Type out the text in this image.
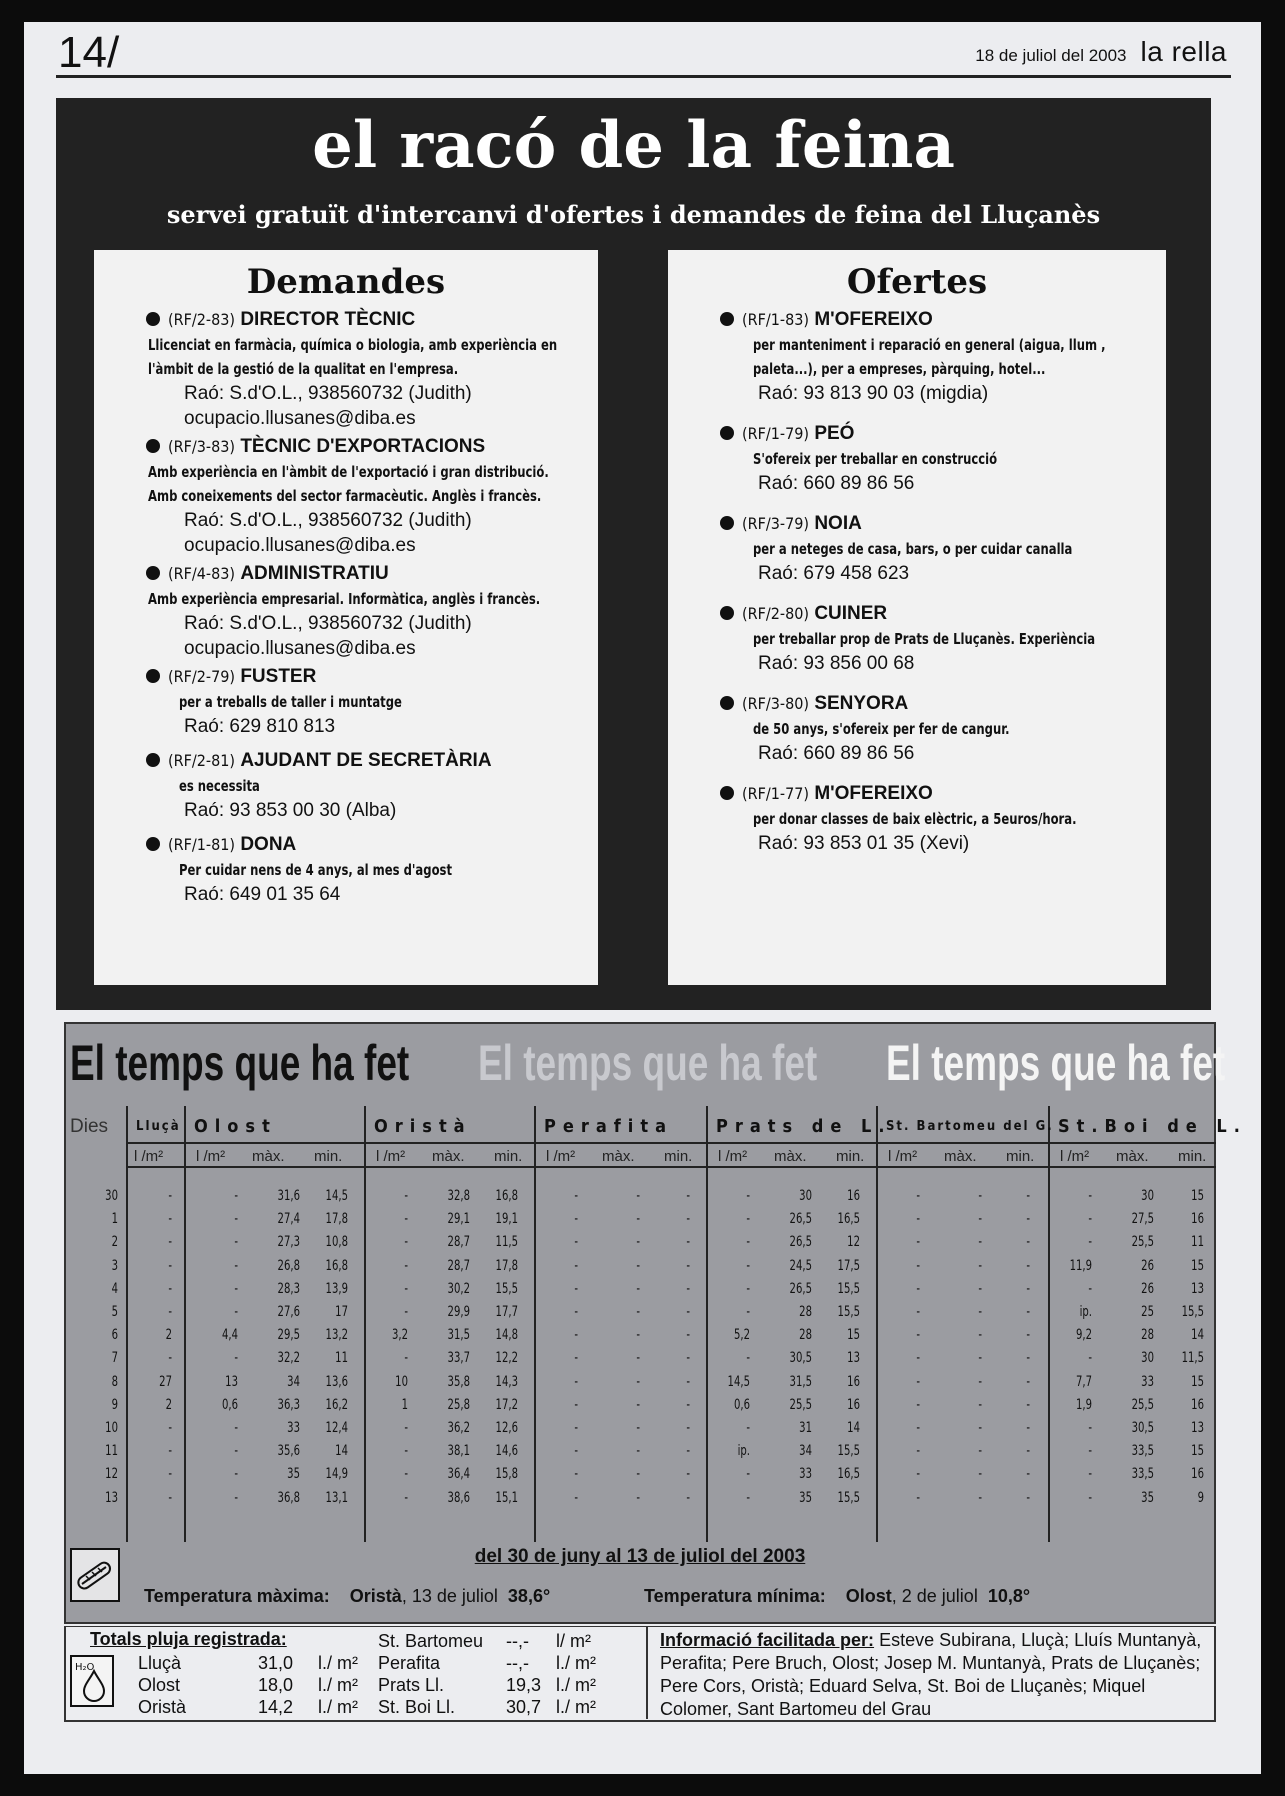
14/	18 de juliol del 2003 la rella
el racó de la feina
servei gratuït d'intercanvi d'ofertes i demandes de feina del Lluçanès
Demandes
(RF/2-83) DIRECTOR TÈCNIC
Llicenciat en farmàcia, química o biologia, amb experiència en
l'àmbit de la gestió de la qualitat en l'empresa.
Raó: S.d'O.L., 938560732 (Judith)
ocupacio.llusanes@diba.es
(RF/3-83) TÈCNIC D'EXPORTACIONS
Amb experiència en l'àmbit de l'exportació i gran distribució.
Amb coneixements del sector farmacèutic. Anglès i francès.
Raó: S.d'O.L., 938560732 (Judith)
ocupacio.llusanes@diba.es
(RF/4-83) ADMINISTRATIU
Amb experiència empresarial. Informàtica, anglès i francès.
Raó: S.d'O.L., 938560732 (Judith)
ocupacio.llusanes@diba.es
(RF/2-79) FUSTER
per a treballs de taller i muntatge
Raó: 629 810 813
(RF/2-81) AJUDANT DE SECRETÀRIA
es necessita
Raó: 93 853 00 30 (Alba)
(RF/1-81) DONA
Per cuidar nens de 4 anys, al mes d'agost
Raó: 649 01 35 64
Ofertes
(RF/1-83) M'OFEREIXO
per manteniment i reparació en general (aigua, llum ,
paleta...), per a empreses, pàrquing, hotel...
Raó: 93 813 90 03 (migdia)
(RF/1-79) PEÓ
S'ofereix per treballar en construcció
Raó: 660 89 86 56
(RF/3-79) NOIA
per a neteges de casa, bars, o per cuidar canalla
Raó: 679 458 623
(RF/2-80) CUINER
per treballar prop de Prats de Lluçanès. Experiència
Raó: 93 856 00 68
(RF/3-80) SENYORA
de 50 anys, s'ofereix per fer de cangur.
Raó: 660 89 86 56
(RF/1-77) M'OFEREIXO
per donar classes de baix elèctric, a 5euros/hora.
Raó: 93 853 01 35 (Xevi)
El temps que ha fet El temps que ha fet El temps que ha fet
Dies Lluçà Olost	Oristà	Perafita	Prats de L.
St. Bartomeu del G. St.Boi de L.
l /m² l /m² màx. min. l /m² màx. min. l /m² màx. min. l /m² màx. min. l /m² màx. min. l /m² màx. min.
30	-	-	31,6	14,5	-	32,8	16,8	-	-	-	-	30	16	-	-	-	-	30	15
1	-	-	27,4	17,8	-	29,1	19,1	-	-	-	-	26,5	16,5	-	-	-	-	27,5	16
2	-	-	27,3	10,8	-	28,7	11,5	-	-	-	-	26,5	12	-	-	-	-	25,5	11
3	-	-	26,8	16,8	-	28,7	17,8	-	-	-	-	24,5	17,5	-	-	-	11,9	26	15
4	-	-	28,3	13,9	-	30,2	15,5	-	-	-	-	26,5	15,5	-	-	-	-	26	13
5	-	-	27,6	17	-	29,9	17,7	-	-	-	-	28	15,5	-	-	-	ip.	25	15,5
6	2	4,4	29,5	13,2	3,2	31,5	14,8	-	-	-	5,2	28	15	-	-	-	9,2	28	14
7	-	-	32,2	11	-	33,7	12,2	-	-	-	-	30,5	13	-	-	-	-	30	11,5
8	27	13	34	13,6	10	35,8	14,3	-	-	-	14,5	31,5	16	-	-	-	7,7	33	15
9	2	0,6	36,3	16,2	1	25,8	17,2	-	-	-	0,6	25,5	16	-	-	-	1,9	25,5	16
10	-	-	33	12,4	-	36,2	12,6	-	-	-	-	31	14	-	-	-	-	30,5	13
11	-	-	35,6	14	-	38,1	14,6	-	-	-	ip.	34	15,5	-	-	-	-	33,5	15
12	-	-	35	14,9	-	36,4	15,8	-	-	-	-	33	16,5	-	-	-	-	33,5	16
13	-	-	36,8	13,1	-	38,6	15,1	-	-	-	-	35	15,5	-	-	-	-	35	9
del 30 de juny al 13 de juliol del 2003
Temperatura màxima: Oristà, 13 de juliol 38,6°	Temperatura mínima: Olost, 2 de juliol 10,8°
Totals pluja registrada:
H₂O Lluçà	31,0 l./ m²
Olost	18,0 l./ m²
Oristà	14,2 l./ m²
St. Bartomeu --,- l/ m²
Perafita	--,- l./ m²
Prats Ll.	19,3 l./ m²
St. Boi Ll.	30,7 l./ m²
Informació facilitada per: Esteve Subirana, Lluçà; Lluís Muntanyà, Perafita; Pere Bruch, Olost; Josep M. Muntanyà, Prats de Lluçanès; Pere Cors, Oristà; Eduard Selva, St. Boi de Lluçanès; Miquel Colomer, Sant Bartomeu del Grau
